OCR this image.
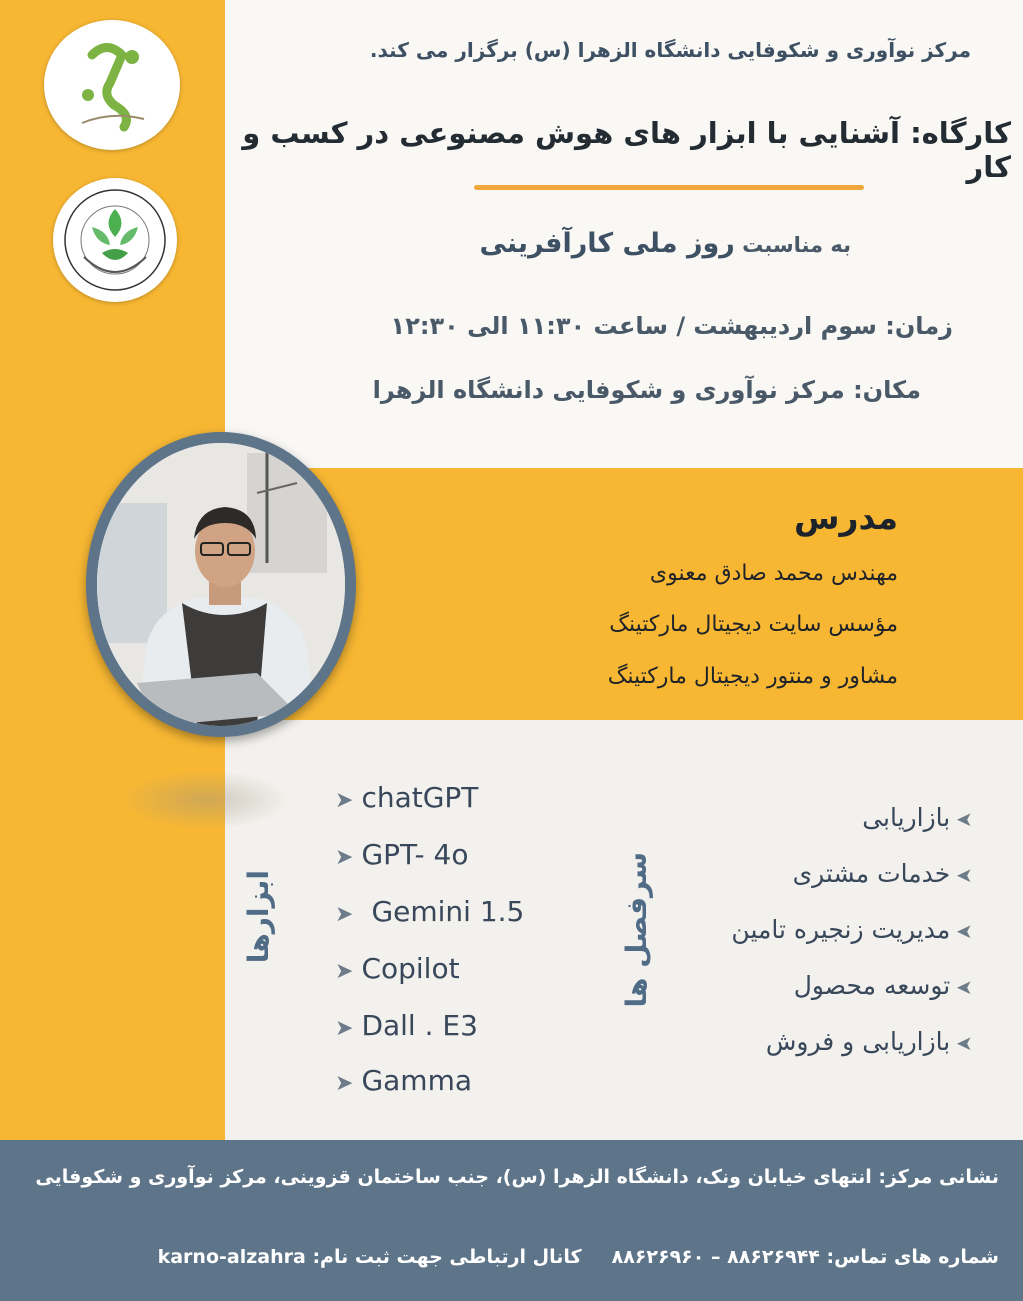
مرکز نوآوری و شکوفایی دانشگاه الزهرا (س) برگزار می کند.
کارگاه: آشنایی با ابزار های هوش مصنوعی در کسب و کار
به مناسبت روز ملی کارآفرینی
زمان: سوم اردیبهشت / ساعت ۱۱:۳۰ الی ۱۲:۳۰
مکان: مرکز نوآوری و شکوفایی دانشگاه الزهرا
مدرس
مهندس محمد صادق معنوی
مؤسس سایت دیجیتال مارکتینگ
مشاور و منتور دیجیتال مارکتینگ
ابزارها	سرفصل ها
➤ chatGPT
➤ GPT- 4o
➤ Gemini 1.5
➤ Copilot
➤ Dall . E3
➤ Gamma
➤بازاریابی
➤خدمات مشتری
➤مدیریت زنجیره تامین
➤توسعه محصول
➤بازاریابی و فروش
نشانی مرکز: انتهای خیابان ونک، دانشگاه الزهرا (س)، جنب ساختمان قزوینی، مرکز نوآوری و شکوفایی
شماره های تماس: ۸۸۶۲۶۹۴۴ – ۸۸۶۲۶۹۶۰کانال ارتباطی جهت ثبت نام: karno-alzahra
